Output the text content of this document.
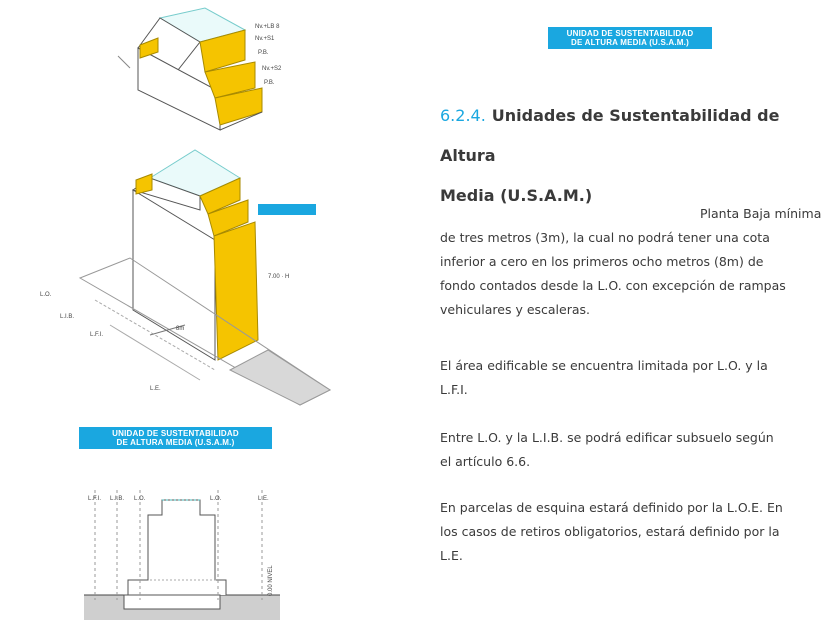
Nv.+LB 8
Nv.+S1
P.B.
Nv.+S2
P.B.
7.00 · H
L.O.
L.I.B.
L.F.I.
L.E.
8m
L.F.I. L.I.B. L.O.	L.O.	L.E.
0.00 NIVEL

UNIDAD DE SUSTENTABILIDAD
DE ALTURA MEDIA (U.S.A.M.)
UNIDAD DE SUSTENTABILIDAD
DE ALTURA MEDIA (U.S.A.M.)
6.2.4. Unidades de Sustentabilidad de Altura
Media (U.S.A.M.)
Planta Baja mínima
de tres metros (3m), la cual no podrá tener una cota
inferior a cero en los primeros ocho metros (8m) de
fondo contados desde la L.O. con excepción de rampas
vehiculares y escaleras.
El área edificable se encuentra limitada por L.O. y la
L.F.I.
Entre L.O. y la L.I.B. se podrá edificar subsuelo según
el artículo 6.6.
En parcelas de esquina estará definido por la L.O.E. En
los casos de retiros obligatorios, estará definido por la
L.E.
